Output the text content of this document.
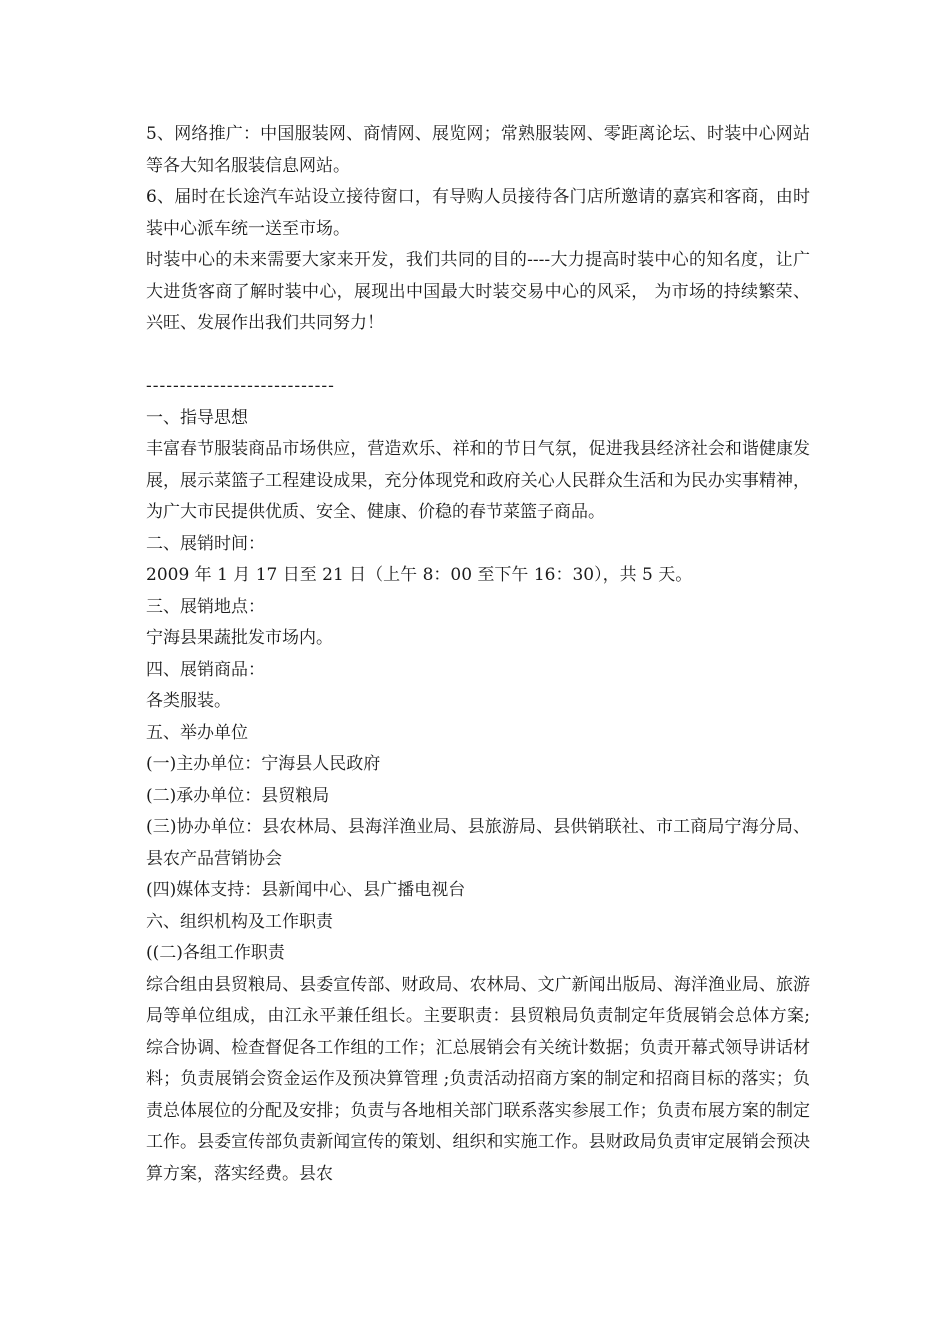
5、网络推广：中国服装网、商情网、展览网；常熟服装网、零距离论坛、时装中心网站等各大知名服装信息网站。

6、届时在长途汽车站设立接待窗口，有导购人员接待各门店所邀请的嘉宾和客商，由时装中心派车统一送至市场。

时装中心的未来需要大家来开发，我们共同的目的----大力提高时装中心的知名度，让广大进货客商了解时装中心，展现出中国最大时装交易中心的风采， 为市场的持续繁荣、兴旺、发展作出我们共同努力！

----------------------------

一、指导思想

丰富春节服装商品市场供应，营造欢乐、祥和的节日气氛，促进我县经济社会和谐健康发展，展示菜篮子工程建设成果，充分体现党和政府关心人民群众生活和为民办实事精神，为广大市民提供优质、安全、健康、价稳的春节菜篮子商品。

二、展销时间：

2009 年 1 月 17 日至 21 日（上午 8：00 至下午 16：30），共 5 天。

三、展销地点：

宁海县果蔬批发市场内。

四、展销商品：

各类服装。

五、举办单位

(一)主办单位：宁海县人民政府

(二)承办单位：县贸粮局

(三)协办单位：县农林局、县海洋渔业局、县旅游局、县供销联社、市工商局宁海分局、县农产品营销协会

(四)媒体支持：县新闻中心、县广播电视台

六、组织机构及工作职责

((二)各组工作职责

综合组由县贸粮局、县委宣传部、财政局、农林局、文广新闻出版局、海洋渔业局、旅游局等单位组成，由江永平兼任组长。主要职责：县贸粮局负责制定年货展销会总体方案;综合协调、检查督促各工作组的工作；汇总展销会有关统计数据；负责开幕式领导讲话材料；负责展销会资金运作及预决算管理 ;负责活动招商方案的制定和招商目标的落实；负责总体展位的分配及安排；负责与各地相关部门联系落实参展工作；负责布展方案的制定工作。县委宣传部负责新闻宣传的策划、组织和实施工作。县财政局负责审定展销会预决算方案，落实经费。县农
